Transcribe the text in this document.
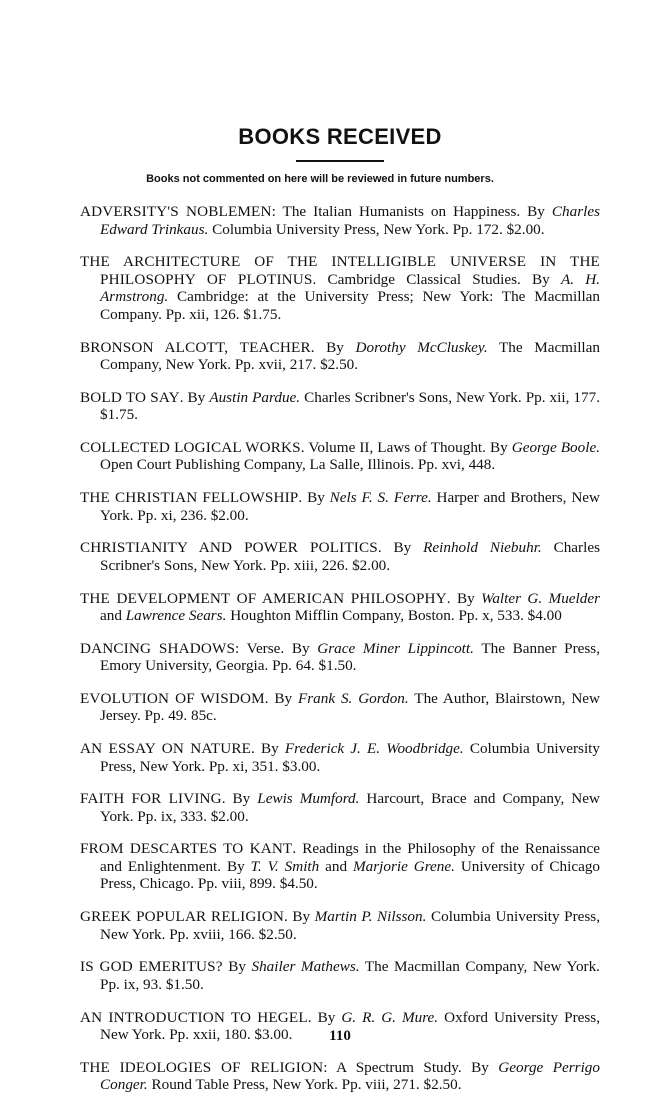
BOOKS RECEIVED
Books not commented on here will be reviewed in future numbers.

ADVERSITY'S NOBLEMEN: The Italian Humanists on Happiness. By Charles Edward Trinkaus. Columbia University Press, New York. Pp. 172. $2.00.

THE ARCHITECTURE OF THE INTELLIGIBLE UNIVERSE IN THE PHILOSOPHY OF PLOTINUS. Cambridge Classical Studies. By A. H. Armstrong. Cambridge: at the University Press; New York: The Macmillan Company. Pp. xii, 126. $1.75.

BRONSON ALCOTT, TEACHER. By Dorothy McCluskey. The Macmillan Company, New York. Pp. xvii, 217. $2.50.

BOLD TO SAY. By Austin Pardue. Charles Scribner's Sons, New York. Pp. xii, 177. $1.75.

COLLECTED LOGICAL WORKS. Volume II, Laws of Thought. By George Boole. Open Court Publishing Company, La Salle, Illinois. Pp. xvi, 448.

THE CHRISTIAN FELLOWSHIP. By Nels F. S. Ferre. Harper and Brothers, New York. Pp. xi, 236. $2.00.

CHRISTIANITY AND POWER POLITICS. By Reinhold Niebuhr. Charles Scribner's Sons, New York. Pp. xiii, 226. $2.00.

THE DEVELOPMENT OF AMERICAN PHILOSOPHY. By Walter G. Muelder and Lawrence Sears. Houghton Mifflin Company, Boston. Pp. x, 533. $4.00

DANCING SHADOWS: Verse. By Grace Miner Lippincott. The Banner Press, Emory University, Georgia. Pp. 64. $1.50.

EVOLUTION OF WISDOM. By Frank S. Gordon. The Author, Blairstown, New Jersey. Pp. 49. 85c.

AN ESSAY ON NATURE. By Frederick J. E. Woodbridge. Columbia University Press, New York. Pp. xi, 351. $3.00.

FAITH FOR LIVING. By Lewis Mumford. Harcourt, Brace and Company, New York. Pp. ix, 333. $2.00.

FROM DESCARTES TO KANT. Readings in the Philosophy of the Renaissance and Enlightenment. By T. V. Smith and Marjorie Grene. University of Chicago Press, Chicago. Pp. viii, 899. $4.50.

GREEK POPULAR RELIGION. By Martin P. Nilsson. Columbia University Press, New York. Pp. xviii, 166. $2.50.

IS GOD EMERITUS? By Shailer Mathews. The Macmillan Company, New York. Pp. ix, 93. $1.50.

AN INTRODUCTION TO HEGEL. By G. R. G. Mure. Oxford University Press, New York. Pp. xxii, 180. $3.00.

THE IDEOLOGIES OF RELIGION: A Spectrum Study. By George Perrigo Conger. Round Table Press, New York. Pp. viii, 271. $2.50.

110
